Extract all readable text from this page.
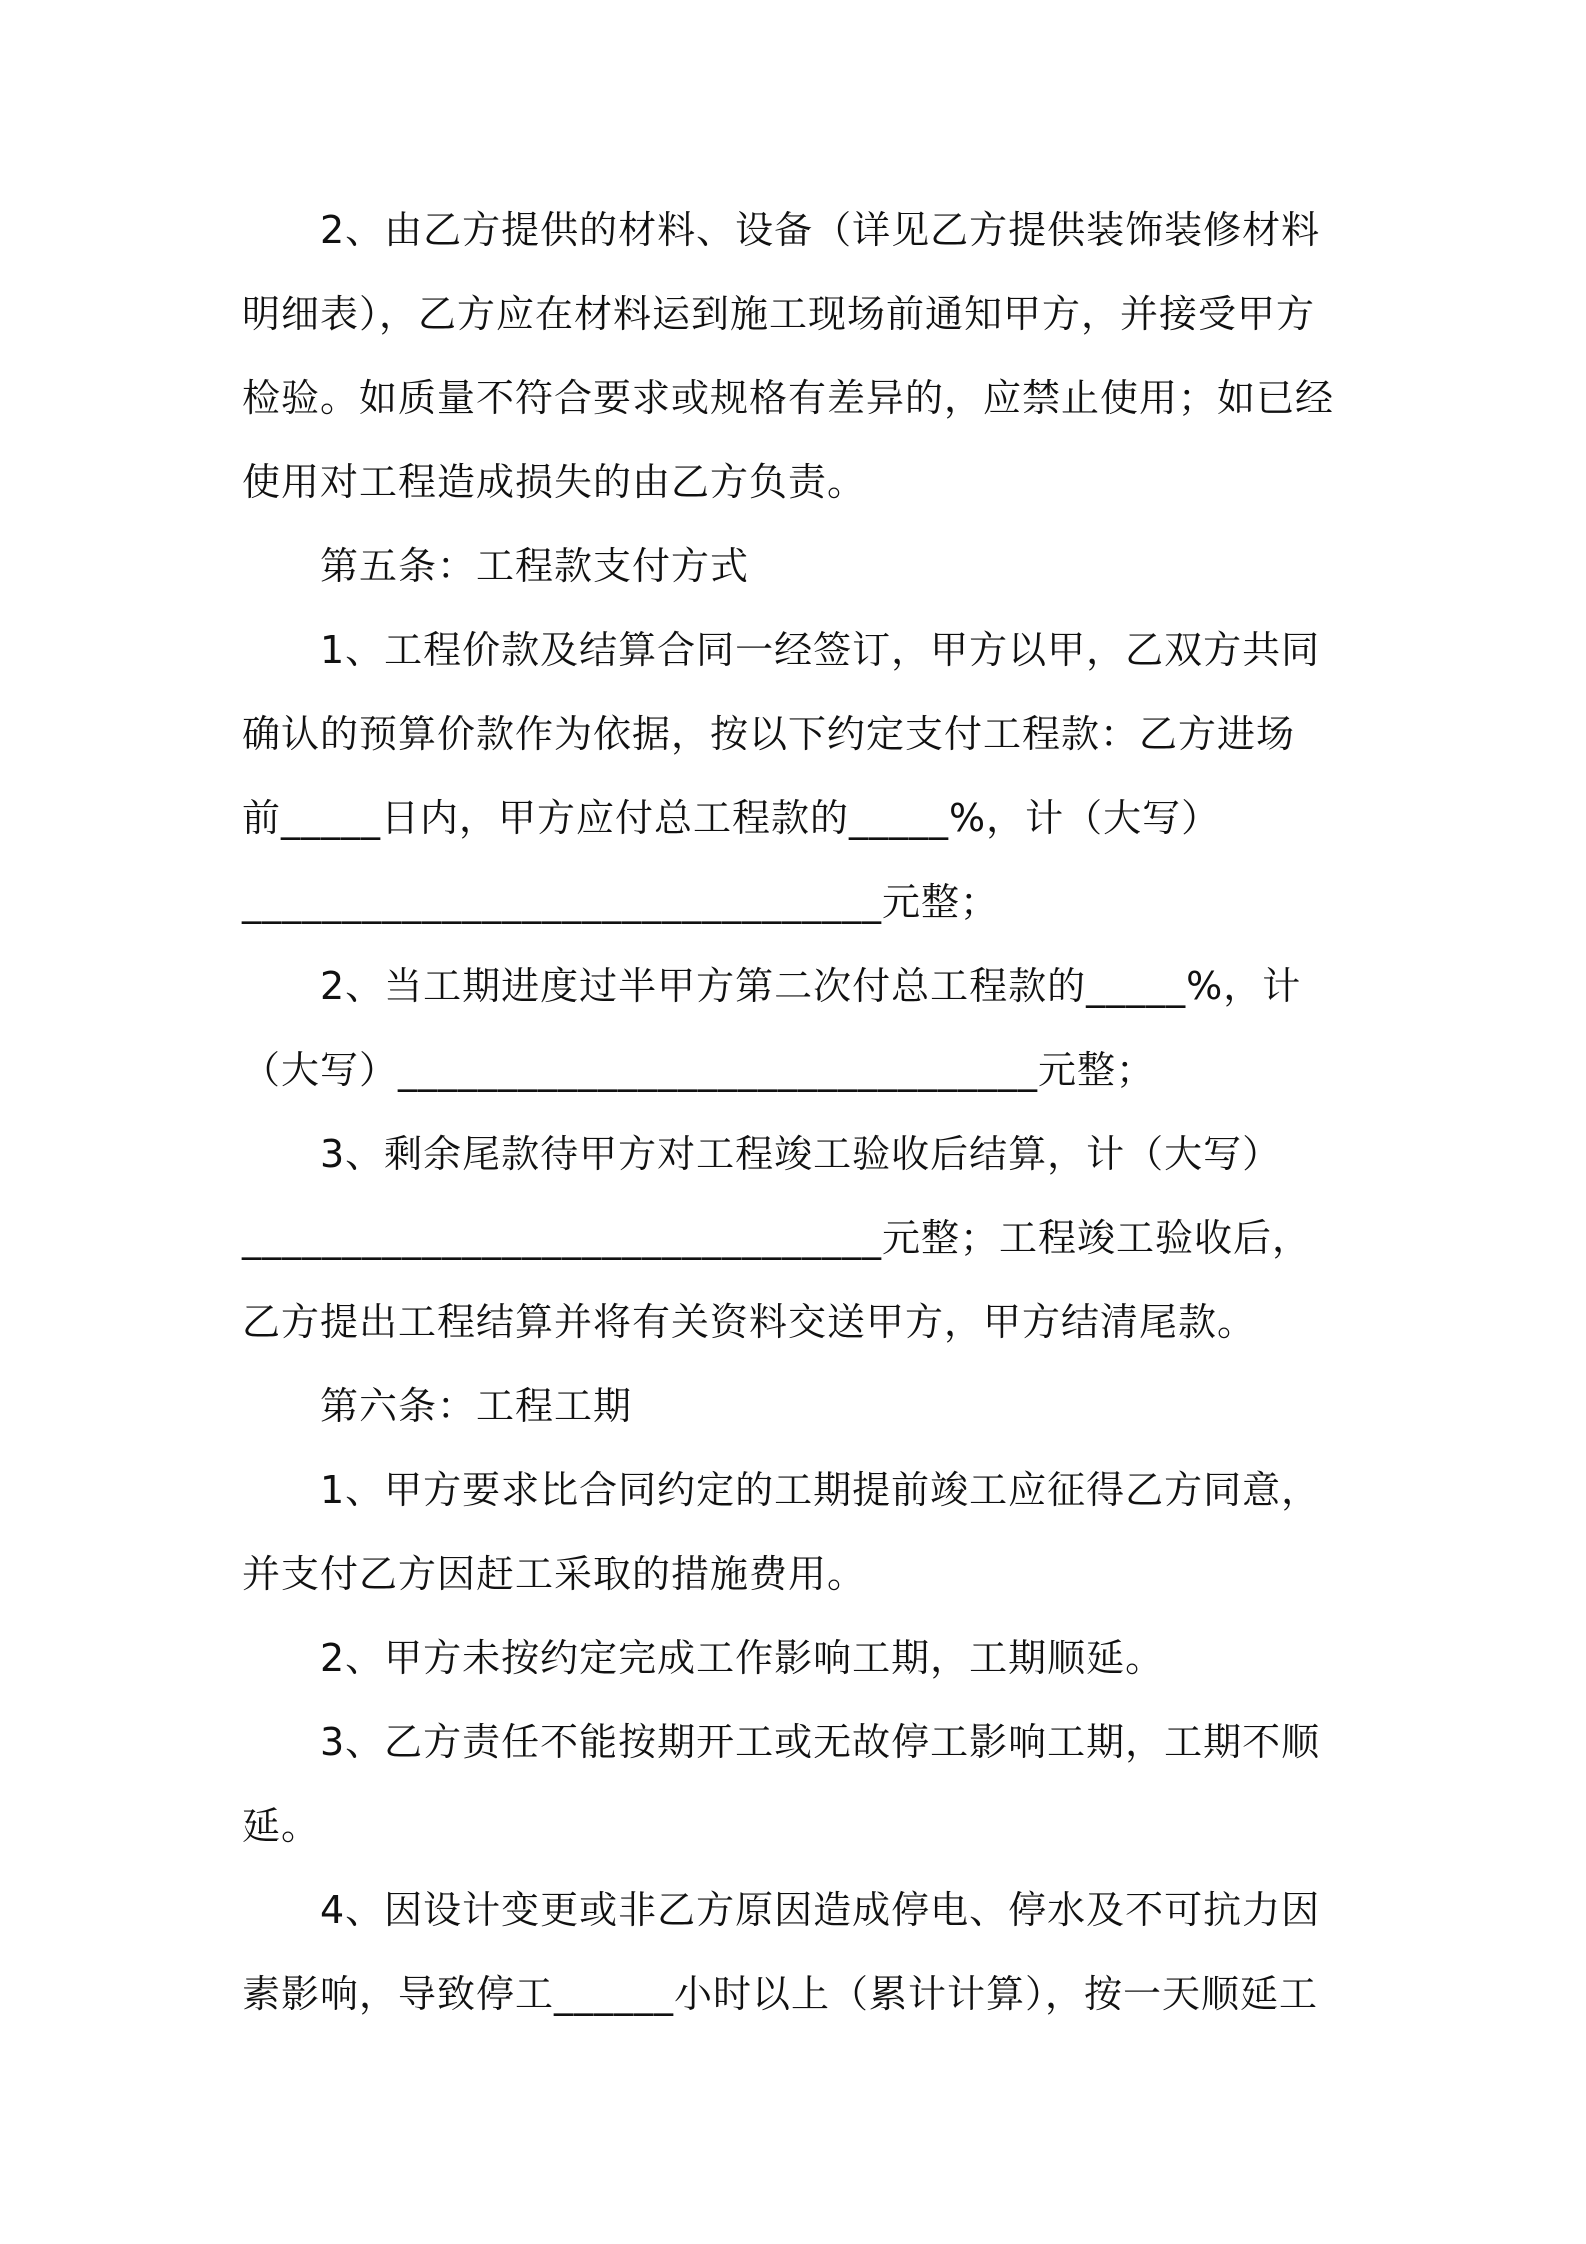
2、由乙方提供的材料、设备（详见乙方提供装饰装修材料
明细表），乙方应在材料运到施工现场前通知甲方，并接受甲方
检验。如质量不符合要求或规格有差异的，应禁止使用；如已经
使用对工程造成损失的由乙方负责。
第五条：工程款支付方式
1、工程价款及结算合同一经签订，甲方以甲，乙双方共同
确认的预算价款作为依据，按以下约定支付工程款：乙方进场
前_____日内，甲方应付总工程款的_____%，计（大写）
________________________________元整；
2、当工期进度过半甲方第二次付总工程款的_____%，计
（大写）________________________________元整；
3、剩余尾款待甲方对工程竣工验收后结算，计（大写）
________________________________元整；工程竣工验收后，
乙方提出工程结算并将有关资料交送甲方，甲方结清尾款。
第六条：工程工期
1、甲方要求比合同约定的工期提前竣工应征得乙方同意，
并支付乙方因赶工采取的措施费用。
2、甲方未按约定完成工作影响工期，工期顺延。
3、乙方责任不能按期开工或无故停工影响工期，工期不顺
延。
4、因设计变更或非乙方原因造成停电、停水及不可抗力因
素影响，导致停工______小时以上（累计计算），按一天顺延工
